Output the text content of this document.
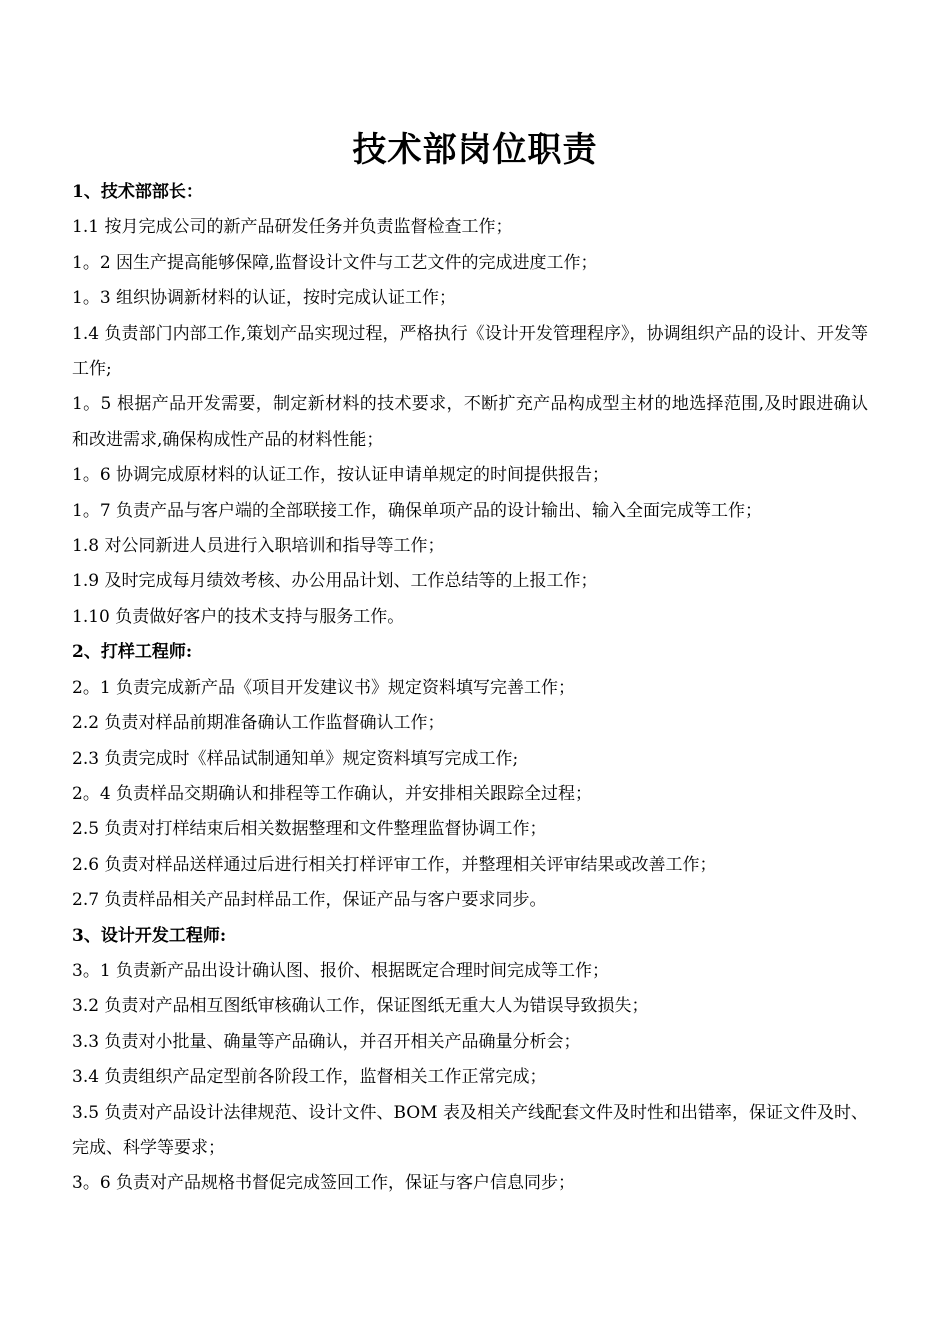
技术部岗位职责
1、技术部部长：
1.1 按月完成公司的新产品研发任务并负责监督检查工作；
1。2 因生产提高能够保障,监督设计文件与工艺文件的完成进度工作；
1。3 组织协调新材料的认证，按时完成认证工作；
1.4 负责部门内部工作,策划产品实现过程，严格执行《设计开发管理程序》，协调组织产品的设计、开发等工作;
1。5 根据产品开发需要，制定新材料的技术要求，不断扩充产品构成型主材的地选择范围,及时跟进确认和改进需求,确保构成性产品的材料性能；
1。6 协调完成原材料的认证工作，按认证申请单规定的时间提供报告；
1。7 负责产品与客户端的全部联接工作，确保单项产品的设计输出、输入全面完成等工作；
1.8 对公同新进人员进行入职培训和指导等工作；
1.9 及时完成每月绩效考核、办公用品计划、工作总结等的上报工作；
1.10 负责做好客户的技术支持与服务工作。
2、打样工程师:
2。1 负责完成新产品《项目开发建议书》规定资料填写完善工作；
2.2 负责对样品前期准备确认工作监督确认工作；
2.3 负责完成时《样品试制通知单》规定资料填写完成工作;
2。4 负责样品交期确认和排程等工作确认，并安排相关跟踪全过程；
2.5 负责对打样结束后相关数据整理和文件整理监督协调工作；
2.6 负责对样品送样通过后进行相关打样评审工作，并整理相关评审结果或改善工作；
2.7 负责样品相关产品封样品工作，保证产品与客户要求同步。
3、设计开发工程师:
3。1 负责新产品出设计确认图、报价、根据既定合理时间完成等工作；
3.2 负责对产品相互图纸审核确认工作，保证图纸无重大人为错误导致损失；
3.3 负责对小批量、确量等产品确认，并召开相关产品确量分析会；
3.4 负责组织产品定型前各阶段工作，监督相关工作正常完成；
3.5 负责对产品设计法律规范、设计文件、BOM 表及相关产线配套文件及时性和出错率，保证文件及时、完成、科学等要求；
3。6 负责对产品规格书督促完成签回工作，保证与客户信息同步；
